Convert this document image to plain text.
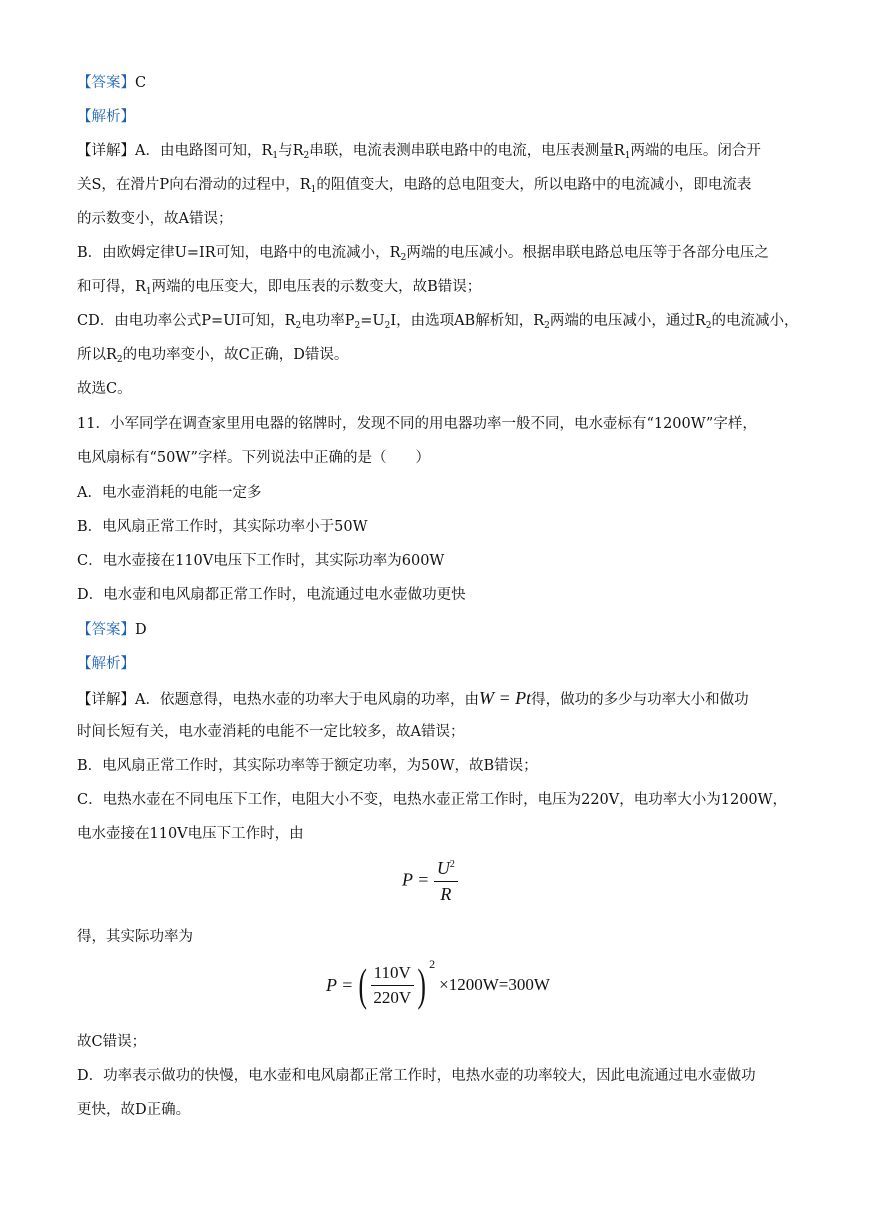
【答案】C
【解析】
【详解】A．由电路图可知，$R_1$与$R_2$串联，电流表测串联电路中的电流，电压表测量$R_1$两端的电压。闭合开
关S，在滑片P向右滑动的过程中，$R_1$的阻值变大，电路的总电阻变大，所以电路中的电流减小，即电流表
的示数变小，故A错误；
B．由欧姆定律U=IR可知，电路中的电流减小，$R_2$两端的电压减小。根据串联电路总电压等于各部分电压之
和可得，$R_1$两端的电压变大，即电压表的示数变大，故B错误；
CD．由电功率公式P=UI可知，$R_2$电功率$P_2=U_2I$，由选项AB解析知，$R_2$两端的电压减小，通过$R_2$的电流减小，
所以$R_2$的电功率变小，故C正确，D错误。
故选C。
11．小军同学在调查家里用电器的铭牌时，发现不同的用电器功率一般不同，电水壶标有“1200W”字样，
电风扇标有“50W”字样。下列说法中正确的是（　　）
A．电水壶消耗的电能一定多
B．电风扇正常工作时，其实际功率小于50W
C．电水壶接在110V电压下工作时，其实际功率为600W
D．电水壶和电风扇都正常工作时，电流通过电水壶做功更快
【答案】D
【解析】
【详解】A．依题意得，电热水壶的功率大于电风扇的功率，由W = Pt得，做功的多少与功率大小和做功
时间长短有关，电水壶消耗的电能不一定比较多，故A错误；
B．电风扇正常工作时，其实际功率等于额定功率，为50W，故B错误；
C．电热水壶在不同电压下工作，电阻大小不变，电热水壶正常工作时，电压为220V，电功率大小为1200W，
电水壶接在110V电压下工作时，由
$P = \frac{U^2}{R}$
得，其实际功率为
P = ( $\frac{110V}{220V}$ ) 2
×1200W=300W
故C错误；
D．功率表示做功的快慢，电水壶和电风扇都正常工作时，电热水壶的功率较大，因此电流通过电水壶做功
更快，故D正确。
